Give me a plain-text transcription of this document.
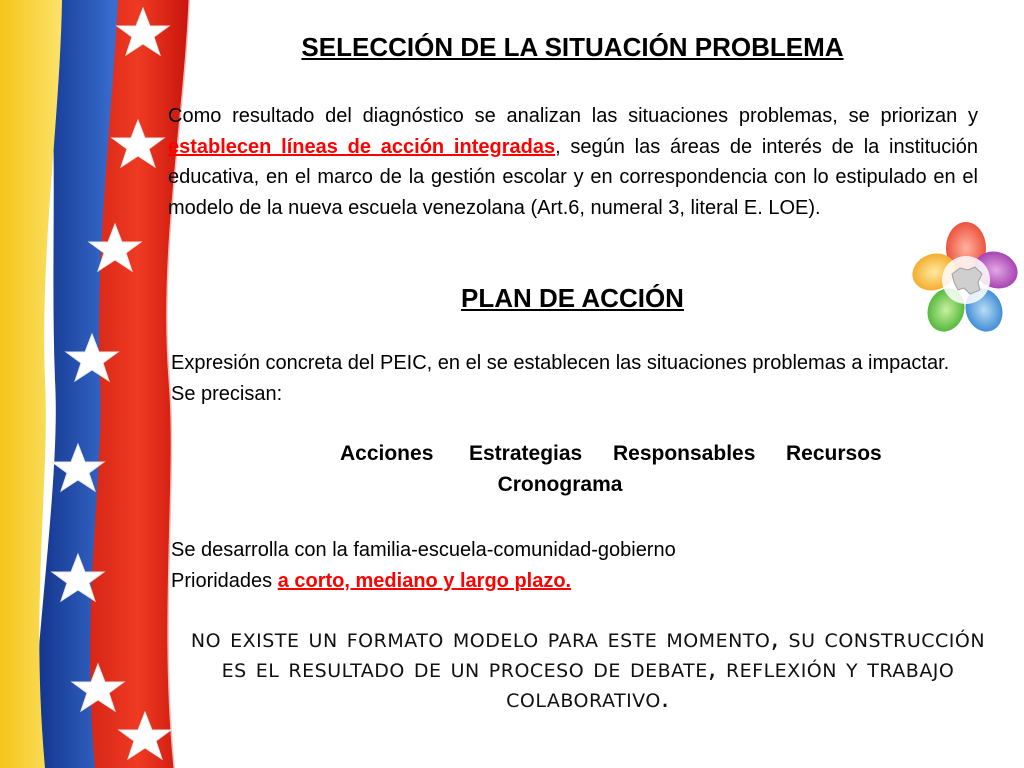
SELECCIÓN DE LA SITUACIÓN PROBLEMA
Como resultado del diagnóstico se analizan las situaciones problemas, se priorizan y establecen líneas de acción integradas, según las áreas de interés de la institución educativa, en el marco de la gestión escolar y en correspondencia con lo estipulado en el modelo de la nueva escuela venezolana (Art.6, numeral 3, literal E. LOE).
PLAN DE ACCIÓN
Expresión concreta del PEIC, en el se establecen las situaciones problemas a impactar. Se precisan:
Acciones Estrategias Responsables Recursos
Cronograma
Se desarrolla con la familia-escuela-comunidad-gobierno
Prioridades a corto, mediano y largo plazo.
no existe un formato modelo para este momento, su construcción es el resultado de un proceso de debate, reflexión y trabajo colaborativo.
